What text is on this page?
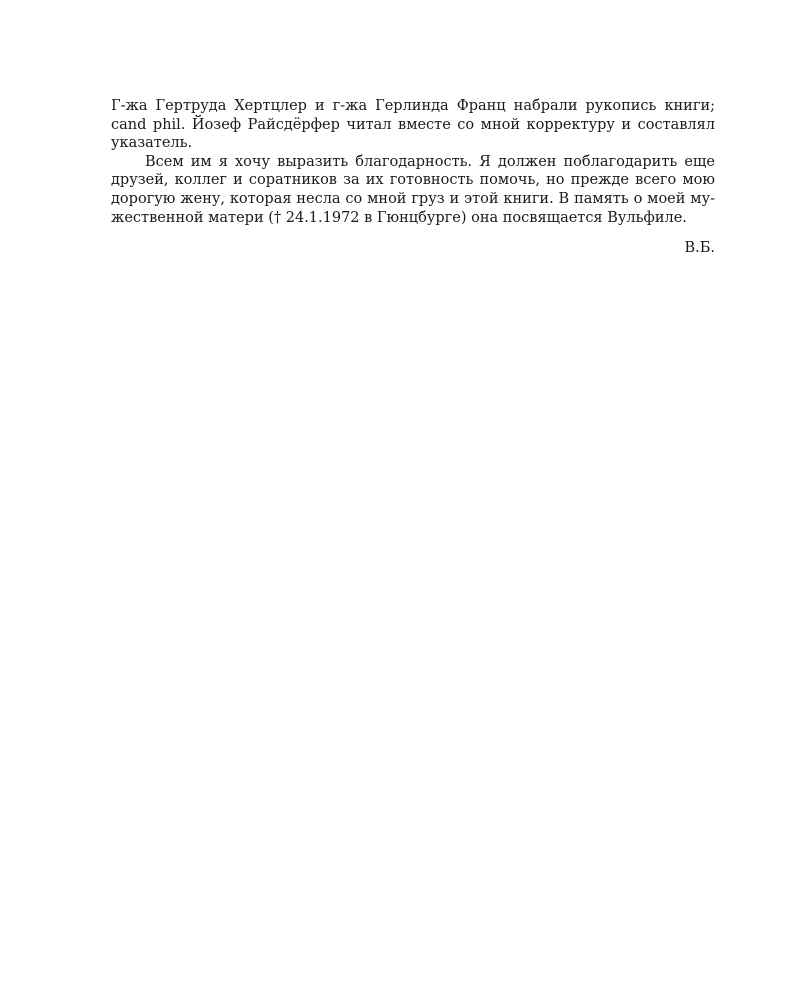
Г-жа Гертруда Хертцлер и г-жа Герлинда Франц набрали рукопись книги;
cand phil. Йозеф Райсдёрфер читал вместе со мной корректуру и составлял
указатель.
Всем им я хочу выразить благодарность. Я должен поблагодарить еще
друзей, коллег и соратников за их готовность помочь, но прежде всего мою
дорогую жену, которая несла со мной груз и этой книги. В память о моей му-
жественной матери († 24.1.1972 в Гюнцбурге) она посвящается Вульфиле.
В.Б.
